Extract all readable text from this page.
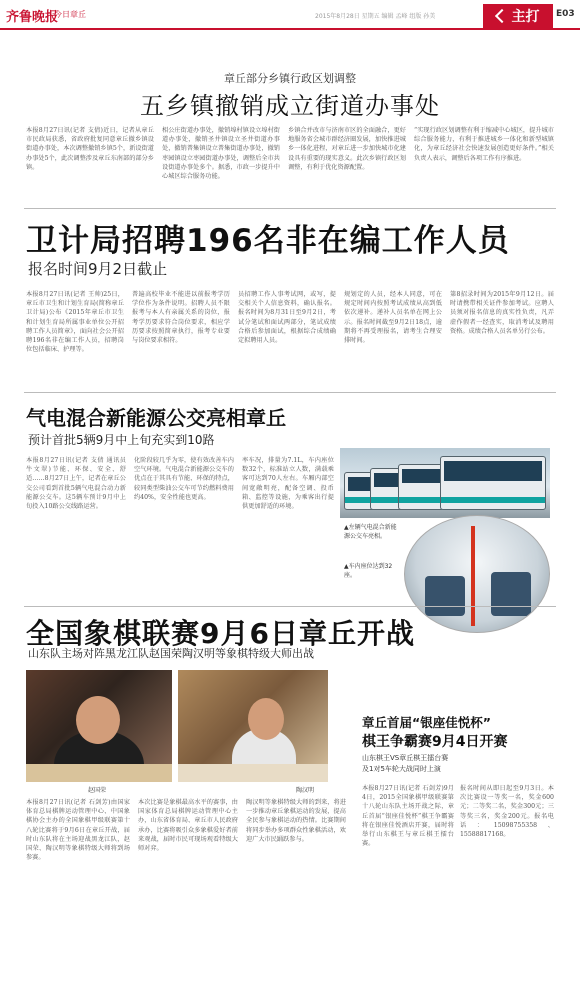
齐鲁晚报
今日章丘	2015年8月28日 星期五 编辑 孟峰 组版 孙美	主打 E03
章丘部分乡镇行政区划调整
五乡镇撤销成立街道办事处
本报8月27日讯(记者 支倩)近日，记者从章丘市民政局获悉，省政府批复同意章丘撤乡镇设街道办事处，本次调整撤销乡镇5个，新设街道办事处5个，此次调整涉及章丘东南部的部分乡镇。
相公庄街道办事处，撤销埠村镇设立埠村街道办事处，撤销圣井镇设立圣井街道办事处，撤销普集镇设立普集街道办事处，撤销枣园镇设立枣园街道办事处，调整后全市共设街道办事处多个。据悉，市政一步提升中心城区综合服务功能。
乡镇合并改市与济南市区的全面融合，更好地服务省会城市群经济圈发展，加快推进城乡一体化进程，对章丘进一步加快城市化建设具有重要的现实意义。此次乡镇行政区划调整，有利于优化资源配置。
“实现行政区划调整有利于缩减中心城区，提升城市综合服务能力，有利于推进城乡一体化和新型城镇化，为章丘经济社会快速发展创造更好条件。”相关负责人表示，调整后各项工作有序推进。
卫计局招聘196名非在编工作人员
报名时间9月2日截止
本报8月27日讯(记者 王帅)25日，章丘市卫生和计划生育局(简称章丘卫计局)公布《2015年章丘市卫生和计划生育局所属事业单位公开招聘工作人员简章》，面向社会公开招聘196名非在编工作人员，招聘岗位包括临床、护理等。
普遍高校毕业不能进以前报考学历学位作为条件说明。招聘人员不限报考与本人有亲属关系的岗位，报考学历要求符合岗位要求，相应学历要求按照简章执行，报考专业要与岗位要求相符。
员招聘工作人事考试网，或写，提交相关个人信息资料，确认报名。报名时间为8月31日至9月2日，考试分笔试和面试两部分，笔试成绩合格后参加面试，根据综合成绩确定拟聘用人员。
规划定的人员，经本人同意，可在规定时间内按照考试成绩从高到低依次递补。递补人员名单在网上公示。报名时间截至9月2日18点，逾期将不再受理报名，请考生合理安排时间。
第8招录时间为2015年9月12日。届时请携带相关证件参加考试。应聘人员须对报名信息的真实性负责，凡弄虚作假者一经查实，取消考试及聘用资格。成绩合格人员名单另行公布。
气电混合新能源公交亮相章丘
预计首批5辆9月中上旬充实到10路
本报8月27日讯(记者 支倩 通讯员 牛文翠)节能、环保、安全、舒适……8月27日上午，记者在章丘公交公司看到首批5辆气电混合动力新能源公交车。这5辆车预计9月中上旬投入10路公交线路运营。
化阶段较几乎为零，使有效改善车内空气环境。气电混合新能源公交车的优点在于其具有节能、环保的特点，较同类型柴油公交车可节约燃料费用约40%，安全性能也更高。
率车况，排量为7.1L，车内座位数32个，标准站立人数，满载乘客可达到70人左右。车厢内部空间宽敞明亮，配备空调、投币箱、监控等设施，为乘客出行提供更加舒适的环境。
▲左辆气电混合新能源公交车亮相。
▲车内座位达到32座。
全国象棋联赛9月6日章丘开战
山东队主场对阵黑龙江队赵国荣陶汉明等象棋特级大师出战
赵国荣	陶汉明
本报8月27日讯(记者 石剑芳)由国家体育总局棋牌运动管理中心、中国象棋协会主办的全国象棋甲级联赛第十八轮比赛将于9月6日在章丘开战，届时山东队将在主场迎战黑龙江队，赵国荣、陶汉明等象棋特级大师将到场参赛。
本次比赛是象棋最高水平的赛事，由国家体育总局棋牌运动管理中心主办，山东省体育局、章丘市人民政府承办，比赛将吸引众多象棋爱好者前来观战，届时市民可现场观看特级大师对弈。
陶汉明等象棋特级大师的到来，将进一步推动章丘象棋运动的发展，提高全民参与象棋运动的热情。比赛期间将同步举办多项群众性象棋活动，欢迎广大市民踊跃参与。
章丘首届“银座佳悦杯”
棋王争霸赛9月4日开赛
山东棋王VS章丘棋王擂台赛
及1对5车轮大战同时上演
本报8月27日讯(记者 石剑芳)9月4日，2015全国象棋甲级联赛第十八轮山东队主场开战之际，章丘首届“银座佳悦杯”棋王争霸赛将在银座佳悦酒店开赛，届时将举行山东棋王与章丘棋王擂台赛。
报名时间从即日起至9月3日。本次比赛设一等奖一名，奖金600元；二等奖二名，奖金300元；三等奖三名，奖金200元。报名电话：15098755358、15588817168。
